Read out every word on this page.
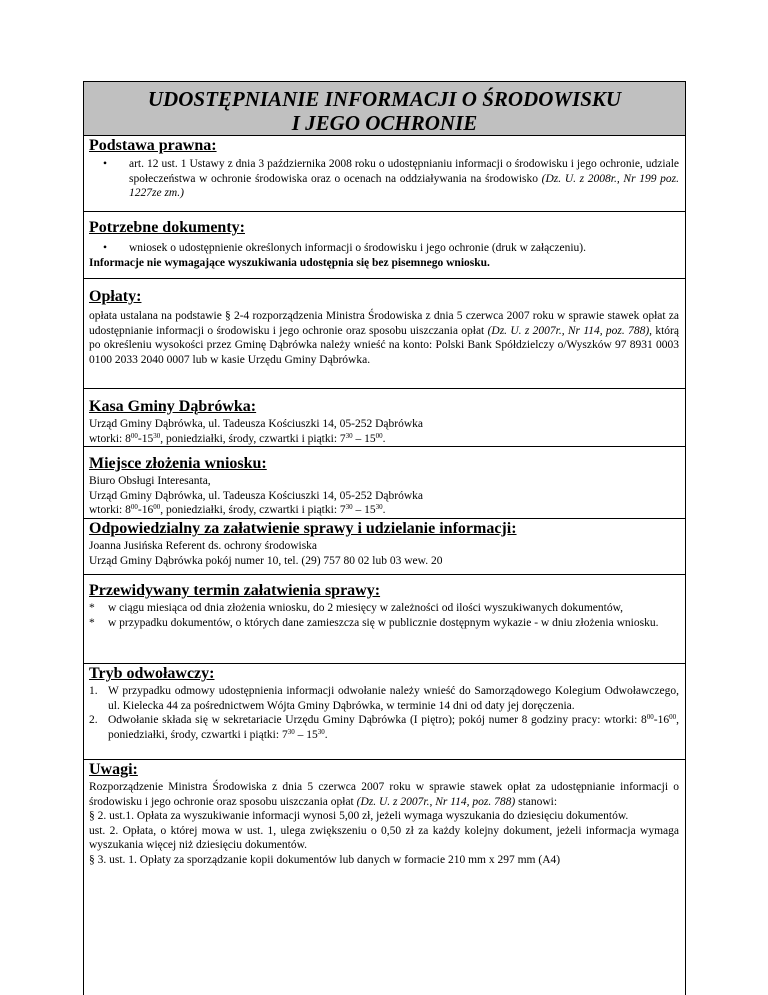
UDOSTĘPNIANIE INFORMACJI O ŚRODOWISKU
I JEGO OCHRONIE
Podstawa prawna:
• art. 12 ust. 1 Ustawy z dnia 3 października 2008 roku o udostępnianiu informacji o środowisku i jego ochronie, udziale społeczeństwa w ochronie środowiska oraz o ocenach na oddziaływania na środowisko (Dz. U. z 2008r., Nr 199 poz. 1227ze zm.)
Potrzebne dokumenty:
• wniosek o udostępnienie określonych informacji o środowisku i jego ochronie (druk w załączeniu).
Informacje nie wymagające wyszukiwania udostępnia się bez pisemnego wniosku.
Opłaty:
opłata ustalana na podstawie § 2-4 rozporządzenia Ministra Środowiska z dnia 5 czerwca 2007 roku w sprawie stawek opłat za udostępnianie informacji o środowisku i jego ochronie oraz sposobu uiszczania opłat (Dz. U. z 2007r., Nr 114, poz. 788), którą po określeniu wysokości przez Gminę Dąbrówka należy wnieść na konto: Polski Bank Spółdzielczy o/Wyszków 97 8931 0003 0100 2033 2040 0007 lub w kasie Urzędu Gminy Dąbrówka.
Kasa Gminy Dąbrówka:
Urząd Gminy Dąbrówka, ul. Tadeusza Kościuszki 14, 05-252 Dąbrówka
wtorki: $8^{00}-15^{30}$, poniedziałki, środy, czwartki i piątki: $7^{30} - 15^{00}$.
Miejsce złożenia wniosku:
Biuro Obsługi Interesanta,
Urząd Gminy Dąbrówka, ul. Tadeusza Kościuszki 14, 05-252 Dąbrówka
wtorki: $8^{00}-16^{00}$, poniedziałki, środy, czwartki i piątki: $7^{30} - 15^{30}$.
Odpowiedzialny za załatwienie sprawy i udzielanie informacji:
Joanna Jusińska Referent ds. ochrony środowiska
Urząd Gminy Dąbrówka pokój numer 10, tel. (29) 757 80 02 lub 03 wew. 20
Przewidywany termin załatwienia sprawy:
* w ciągu miesiąca od dnia złożenia wniosku, do 2 miesięcy w zależności od ilości wyszukiwanych dokumentów,
* w przypadku dokumentów, o których dane zamieszcza się w publicznie dostępnym wykazie - w dniu złożenia wniosku.
Tryb odwoławczy:
1. W przypadku odmowy udostępnienia informacji odwołanie należy wnieść do Samorządowego Kolegium Odwoławczego, ul. Kielecka 44 za pośrednictwem Wójta Gminy Dąbrówka, w terminie 14 dni od daty jej doręczenia.
2. Odwołanie składa się w sekretariacie Urzędu Gminy Dąbrówka (I piętro); pokój numer 8 godziny pracy: wtorki: $8^{00}-16^{00}$, poniedziałki, środy, czwartki i piątki: $7^{30} - 15^{30}$.
Uwagi:
Rozporządzenie Ministra Środowiska z dnia 5 czerwca 2007 roku w sprawie stawek opłat za udostępnianie informacji o środowisku i jego ochronie oraz sposobu uiszczania opłat (Dz. U. z 2007r., Nr 114, poz. 788) stanowi:
§ 2. ust.1. Opłata za wyszukiwanie informacji wynosi 5,00 zł, jeżeli wymaga wyszukania do dziesięciu dokumentów.
ust. 2. Opłata, o której mowa w ust. 1, ulega zwiększeniu o 0,50 zł za każdy kolejny dokument, jeżeli informacja wymaga wyszukania więcej niż dziesięciu dokumentów.
§ 3. ust. 1. Opłaty za sporządzanie kopii dokumentów lub danych w formacie 210 mm x 297 mm (A4)
